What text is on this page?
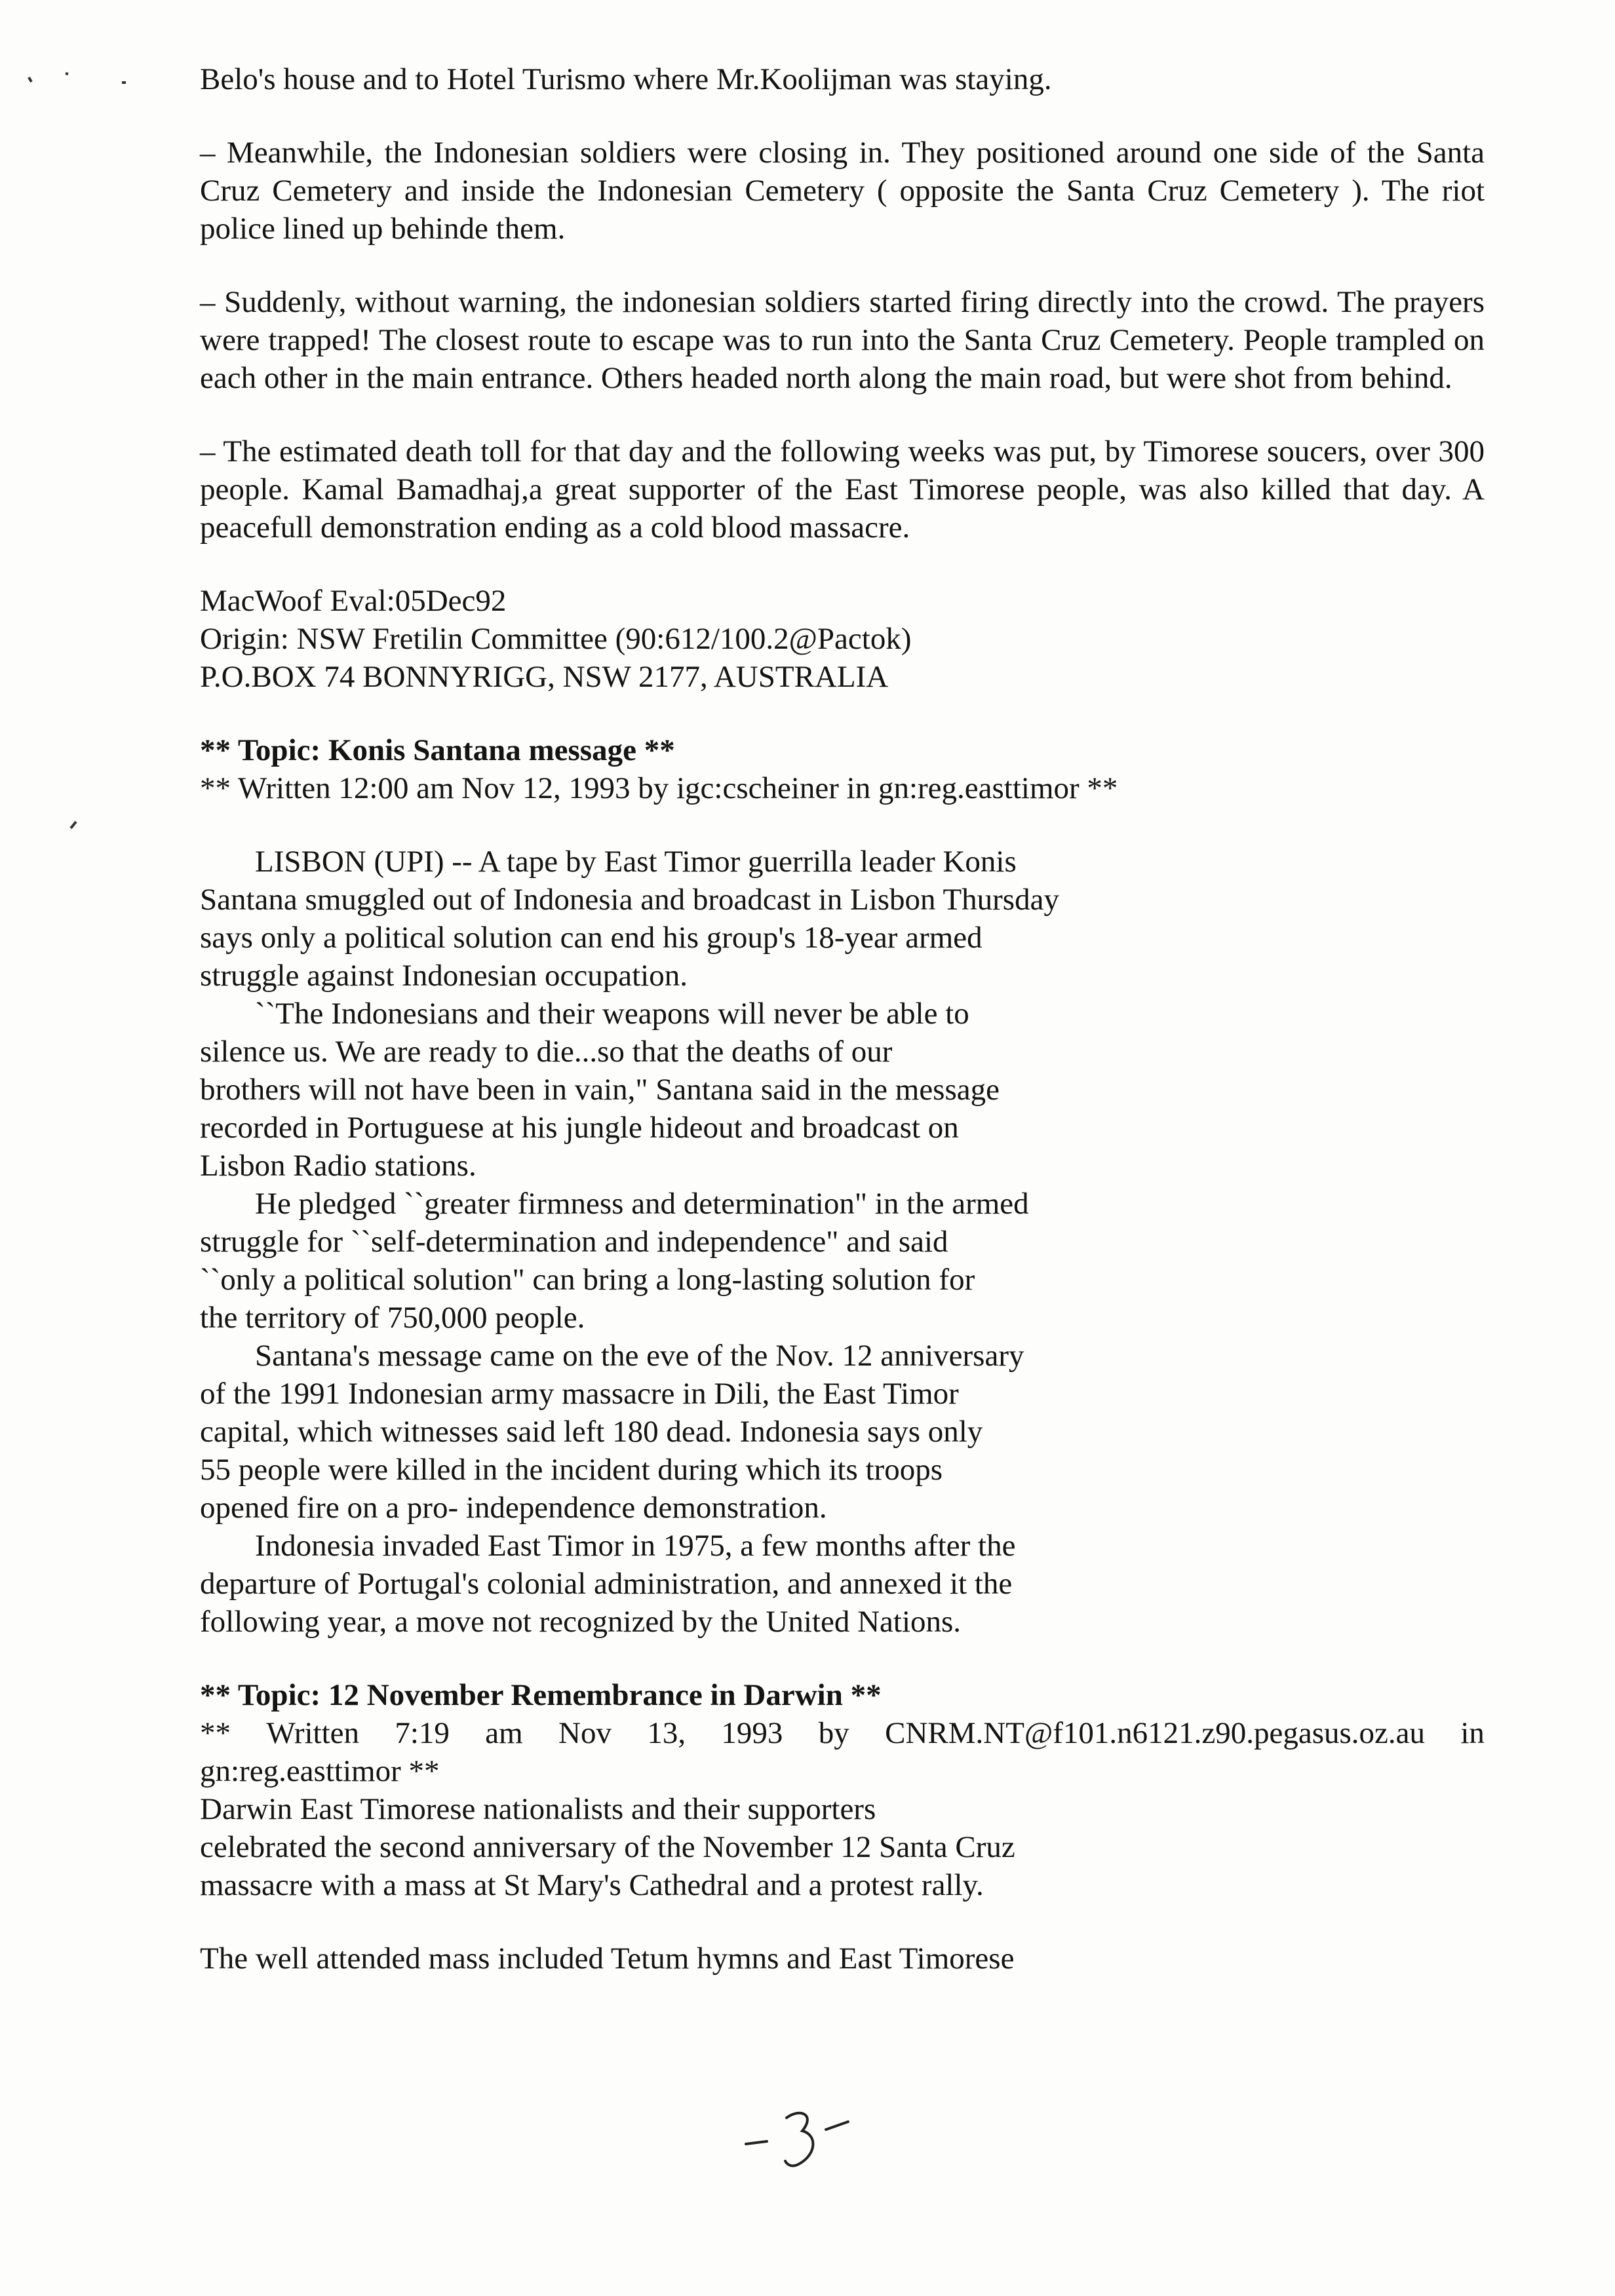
Belo's house and to Hotel Turismo where Mr.Koolijman was staying.

– Meanwhile, the Indonesian soldiers were closing in. They positioned around one side of the Santa Cruz Cemetery and inside the Indonesian Cemetery ( opposite the Santa Cruz Cemetery ). The riot police lined up behinde them.

– Suddenly, without warning, the indonesian soldiers started firing directly into the crowd. The prayers were trapped! The closest route to escape was to run into the Santa Cruz Cemetery. People trampled on each other in the main entrance. Others headed north along the main road, but were shot from behind.

– The estimated death toll for that day and the following weeks was put, by Timorese soucers, over 300 people. Kamal Bamadhaj,a great supporter of the East Timorese people, was also killed that day. A peacefull demonstration ending as a cold blood massacre.

MacWoof Eval:05Dec92
Origin: NSW Fretilin Committee (90:612/100.2@Pactok)
P.O.BOX 74 BONNYRIGG, NSW 2177, AUSTRALIA
** Topic: Konis Santana message **
** Written 12:00 am Nov 12, 1993 by igc:cscheiner in gn:reg.easttimor **
LISBON (UPI) -- A tape by East Timor guerrilla leader Konis
Santana smuggled out of Indonesia and broadcast in Lisbon Thursday
says only a political solution can end his group's 18-year armed
struggle against Indonesian occupation.
``The Indonesians and their weapons will never be able to
silence us. We are ready to die...so that the deaths of our
brothers will not have been in vain," Santana said in the message
recorded in Portuguese at his jungle hideout and broadcast on
Lisbon Radio stations.
He pledged ``greater firmness and determination" in the armed
struggle for ``self-determination and independence" and said
``only a political solution" can bring a long-lasting solution for
the territory of 750,000 people.
Santana's message came on the eve of the Nov. 12 anniversary
of the 1991 Indonesian army massacre in Dili, the East Timor
capital, which witnesses said left 180 dead. Indonesia says only
55 people were killed in the incident during which its troops
opened fire on a pro- independence demonstration.
Indonesia invaded East Timor in 1975, a few months after the
departure of Portugal's colonial administration, and annexed it the
following year, a move not recognized by the United Nations.
** Topic: 12 November Remembrance in Darwin **
** Written 7:19 am Nov 13, 1993 by CNRM.NT@f101.n6121.z90.pegasus.oz.au in
gn:reg.easttimor **
Darwin East Timorese nationalists and their supporters
celebrated the second anniversary of the November 12 Santa Cruz
massacre with a mass at St Mary's Cathedral and a protest rally.
The well attended mass included Tetum hymns and East Timorese
